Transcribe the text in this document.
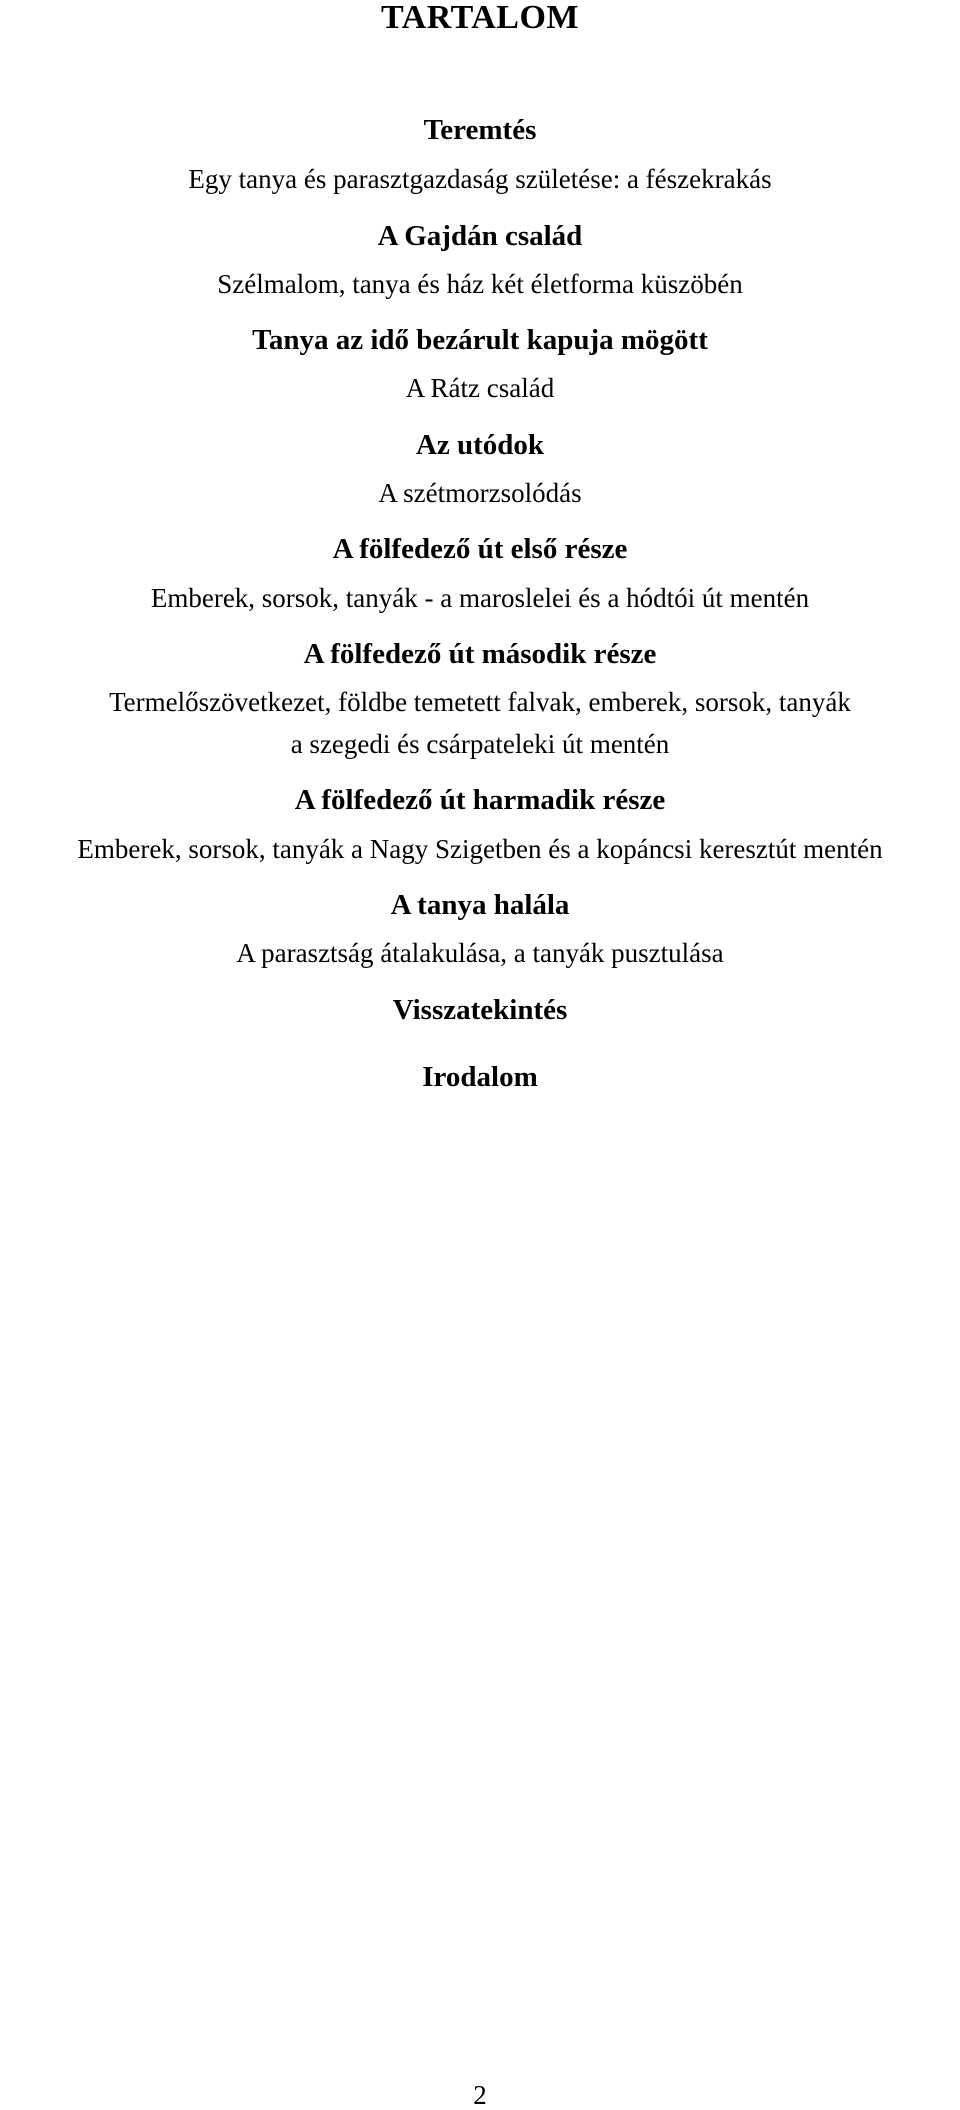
TARTALOM
Teremtés
Egy tanya és parasztgazdaság születése: a fészekrakás
A Gajdán család
Szélmalom, tanya és ház két életforma küszöbén
Tanya az idő bezárult kapuja mögött
A Rátz család
Az utódok
A szétmorzsolódás
A fölfedező út első része
Emberek, sorsok, tanyák - a maroslelei és a hódtói út mentén
A fölfedező út második része
Termelőszövetkezet, földbe temetett falvak, emberek, sorsok, tanyák
a szegedi és csárpateleki út mentén
A fölfedező út harmadik része
Emberek, sorsok, tanyák a Nagy Szigetben és a kopáncsi keresztút mentén
A tanya halála
A parasztság átalakulása, a tanyák pusztulása
Visszatekintés
Irodalom
2
